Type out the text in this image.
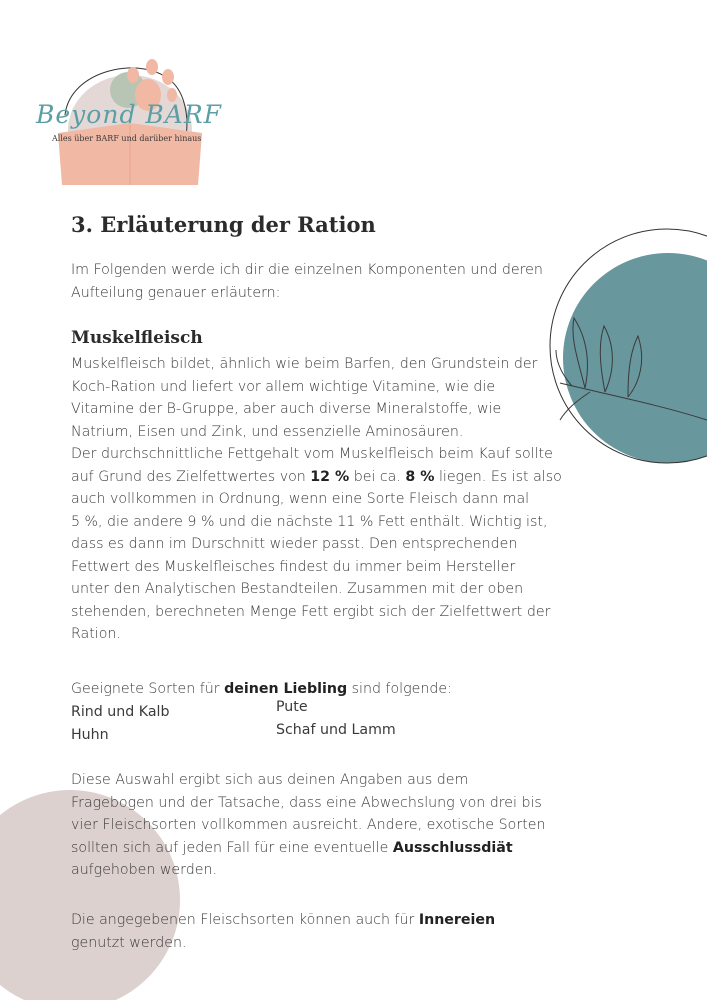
Beyond BARF
Alles über BARF und darüber hinaus
3. Erläuterung der Ration
Im Folgenden werde ich dir die einzelnen Komponenten und deren
Aufteilung genauer erläutern:
Muskelfleisch
Muskelfleisch bildet, ähnlich wie beim Barfen, den Grundstein der
Koch-Ration und liefert vor allem wichtige Vitamine, wie die
Vitamine der B-Gruppe, aber auch diverse Mineralstoffe, wie
Natrium, Eisen und Zink, und essenzielle Aminosäuren.
Der durchschnittliche Fettgehalt vom Muskelfleisch beim Kauf sollte
auf Grund des Zielfettwertes von 12 % bei ca. 8 % liegen. Es ist also
auch vollkommen in Ordnung, wenn eine Sorte Fleisch dann mal
5 %, die andere 9 % und die nächste 11 % Fett enthält. Wichtig ist,
dass es dann im Durschnitt wieder passt. Den entsprechenden
Fettwert des Muskelfleisches findest du immer beim Hersteller
unter den Analytischen Bestandteilen. Zusammen mit der oben
stehenden, berechneten Menge Fett ergibt sich der Zielfettwert der
Ration.
Geeignete Sorten für deinen Liebling sind folgende:
Rind und Kalb
Huhn
Pute
Schaf und Lamm
Diese Auswahl ergibt sich aus deinen Angaben aus dem
Fragebogen und der Tatsache, dass eine Abwechslung von drei bis
vier Fleischsorten vollkommen ausreicht. Andere, exotische Sorten
sollten sich auf jeden Fall für eine eventuelle Ausschlussdiät
aufgehoben werden.
Die angegebenen Fleischsorten können auch für Innereien
genutzt werden.
